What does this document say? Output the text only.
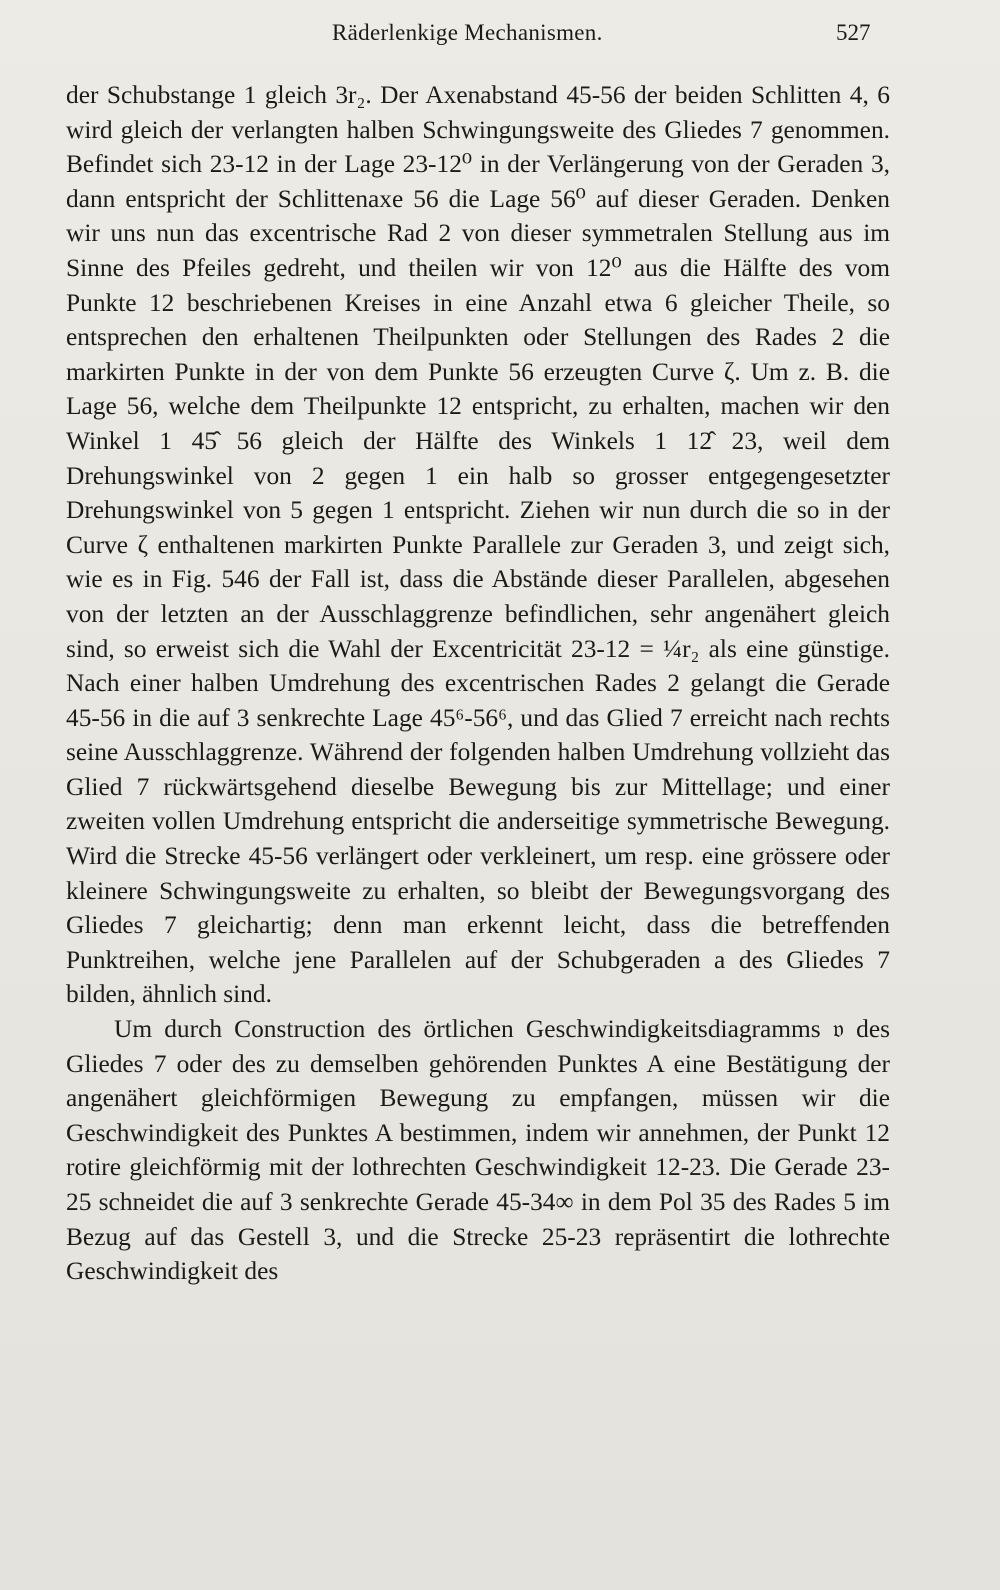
Räderlenkige Mechanismen.	527

der Schubstange 1 gleich 3r₂. Der Axenabstand 45-56 der beiden Schlitten 4, 6 wird gleich der verlangten halben Schwingungsweite des Gliedes 7 genommen. Befindet sich 23-12 in der Lage 23-12⁰ in der Verlängerung von der Geraden 3, dann entspricht der Schlittenaxe 56 die Lage 56⁰ auf dieser Geraden. Denken wir uns nun das excentrische Rad 2 von dieser symmetralen Stellung aus im Sinne des Pfeiles gedreht, und theilen wir von 12⁰ aus die Hälfte des vom Punkte 12 beschriebenen Kreises in eine Anzahl etwa 6 gleicher Theile, so entsprechen den erhaltenen Theilpunkten oder Stellungen des Rades 2 die markirten Punkte in der von dem Punkte 56 erzeugten Curve ζ. Um z. B. die Lage 56, welche dem Theilpunkte 12 entspricht, zu erhalten, machen wir den Winkel 1 45̂ 56 gleich der Hälfte des Winkels 1 12̂ 23, weil dem Drehungswinkel von 2 gegen 1 ein halb so grosser entgegengesetzter Drehungswinkel von 5 gegen 1 entspricht. Ziehen wir nun durch die so in der Curve ζ enthaltenen markirten Punkte Parallele zur Geraden 3, und zeigt sich, wie es in Fig. 546 der Fall ist, dass die Abstände dieser Parallelen, abgesehen von der letzten an der Ausschlaggrenze befindlichen, sehr angenähert gleich sind, so erweist sich die Wahl der Excentricität 23-12 = ¼r₂ als eine günstige. Nach einer halben Umdrehung des excentrischen Rades 2 gelangt die Gerade 45-56 in die auf 3 senkrechte Lage 45⁶-56⁶, und das Glied 7 erreicht nach rechts seine Ausschlaggrenze. Während der folgenden halben Umdrehung vollzieht das Glied 7 rückwärtsgehend dieselbe Bewegung bis zur Mittellage; und einer zweiten vollen Umdrehung entspricht die anderseitige symmetrische Bewegung. Wird die Strecke 45-56 verlängert oder verkleinert, um resp. eine grössere oder kleinere Schwingungsweite zu erhalten, so bleibt der Bewegungsvorgang des Gliedes 7 gleichartig; denn man erkennt leicht, dass die betreffenden Punktreihen, welche jene Parallelen auf der Schubgeraden a des Gliedes 7 bilden, ähnlich sind.

Um durch Construction des örtlichen Geschwindigkeitsdiagramms 𝔳 des Gliedes 7 oder des zu demselben gehörenden Punktes A eine Bestätigung der angenähert gleichförmigen Bewegung zu empfangen, müssen wir die Geschwindigkeit des Punktes A bestimmen, indem wir annehmen, der Punkt 12 rotire gleichförmig mit der lothrechten Geschwindigkeit 12-23. Die Gerade 23-25 schneidet die auf 3 senkrechte Gerade 45-34∞ in dem Pol 35 des Rades 5 im Bezug auf das Gestell 3, und die Strecke 25-23 repräsentirt die lothrechte Geschwindigkeit des
